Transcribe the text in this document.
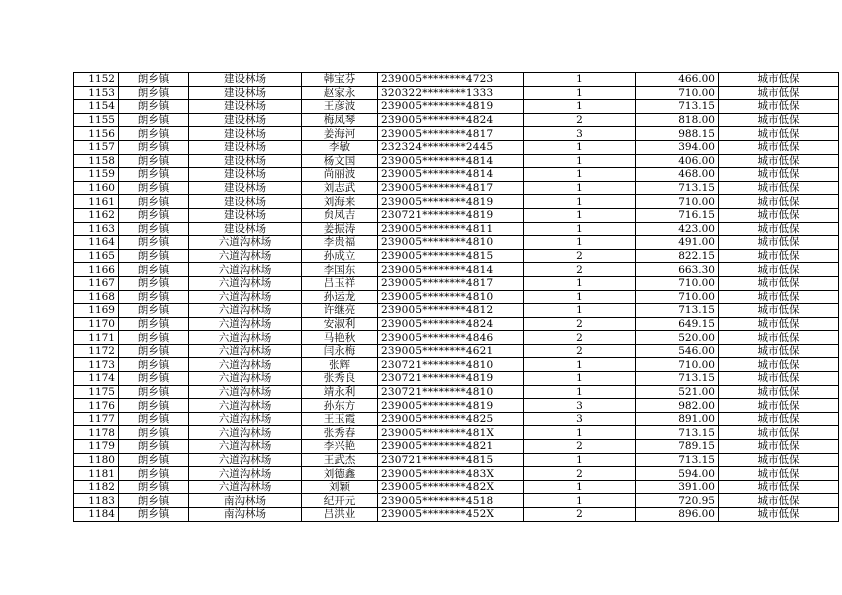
1152	朗乡镇	建设林场	韩宝芬	239005********4723	1	466.00	城市低保
1153	朗乡镇	建设林场	赵家永	320322********1333	1	710.00	城市低保
1154	朗乡镇	建设林场	王彦波	239005********4819	1	713.15	城市低保
1155	朗乡镇	建设林场	梅凤琴	239005********4824	2	818.00	城市低保
1156	朗乡镇	建设林场	姜海河	239005********4817	3	988.15	城市低保
1157	朗乡镇	建设林场	李敏	232324********2445	1	394.00	城市低保
1158	朗乡镇	建设林场	杨文国	239005********4814	1	406.00	城市低保
1159	朗乡镇	建设林场	尚丽波	239005********4814	1	468.00	城市低保
1160	朗乡镇	建设林场	刘志武	239005********4817	1	713.15	城市低保
1161	朗乡镇	建设林场	刘海来	239005********4819	1	710.00	城市低保
1162	朗乡镇	建设林场	贠凤吉	230721********4819	1	716.15	城市低保
1163	朗乡镇	建设林场	姜振涛	239005********4811	1	423.00	城市低保
1164	朗乡镇	六道沟林场	李贵福	239005********4810	1	491.00	城市低保
1165	朗乡镇	六道沟林场	孙成立	239005********4815	2	822.15	城市低保
1166	朗乡镇	六道沟林场	李国东	239005********4814	2	663.30	城市低保
1167	朗乡镇	六道沟林场	吕玉祥	239005********4817	1	710.00	城市低保
1168	朗乡镇	六道沟林场	孙运龙	239005********4810	1	710.00	城市低保
1169	朗乡镇	六道沟林场	许继亮	239005********4812	1	713.15	城市低保
1170	朗乡镇	六道沟林场	安淑利	239005********4824	2	649.15	城市低保
1171	朗乡镇	六道沟林场	马艳秋	239005********4846	2	520.00	城市低保
1172	朗乡镇	六道沟林场	闫永梅	239005********4621	2	546.00	城市低保
1173	朗乡镇	六道沟林场	张辉	230721********4810	1	710.00	城市低保
1174	朗乡镇	六道沟林场	张秀良	230721********4819	1	713.15	城市低保
1175	朗乡镇	六道沟林场	靖永利	230721********4810	1	521.00	城市低保
1176	朗乡镇	六道沟林场	孙东方	239005********4819	3	982.00	城市低保
1177	朗乡镇	六道沟林场	王玉霞	239005********4825	3	891.00	城市低保
1178	朗乡镇	六道沟林场	张秀春	239005********481X	1	713.15	城市低保
1179	朗乡镇	六道沟林场	李兴艳	239005********4821	2	789.15	城市低保
1180	朗乡镇	六道沟林场	王武杰	230721********4815	1	713.15	城市低保
1181	朗乡镇	六道沟林场	刘德鑫	239005********483X	2	594.00	城市低保
1182	朗乡镇	六道沟林场	刘颖	239005********482X	1	391.00	城市低保
1183	朗乡镇	南沟林场	纪开元	239005********4518	1	720.95	城市低保
1184	朗乡镇	南沟林场	吕洪业	239005********452X	2	896.00	城市低保
